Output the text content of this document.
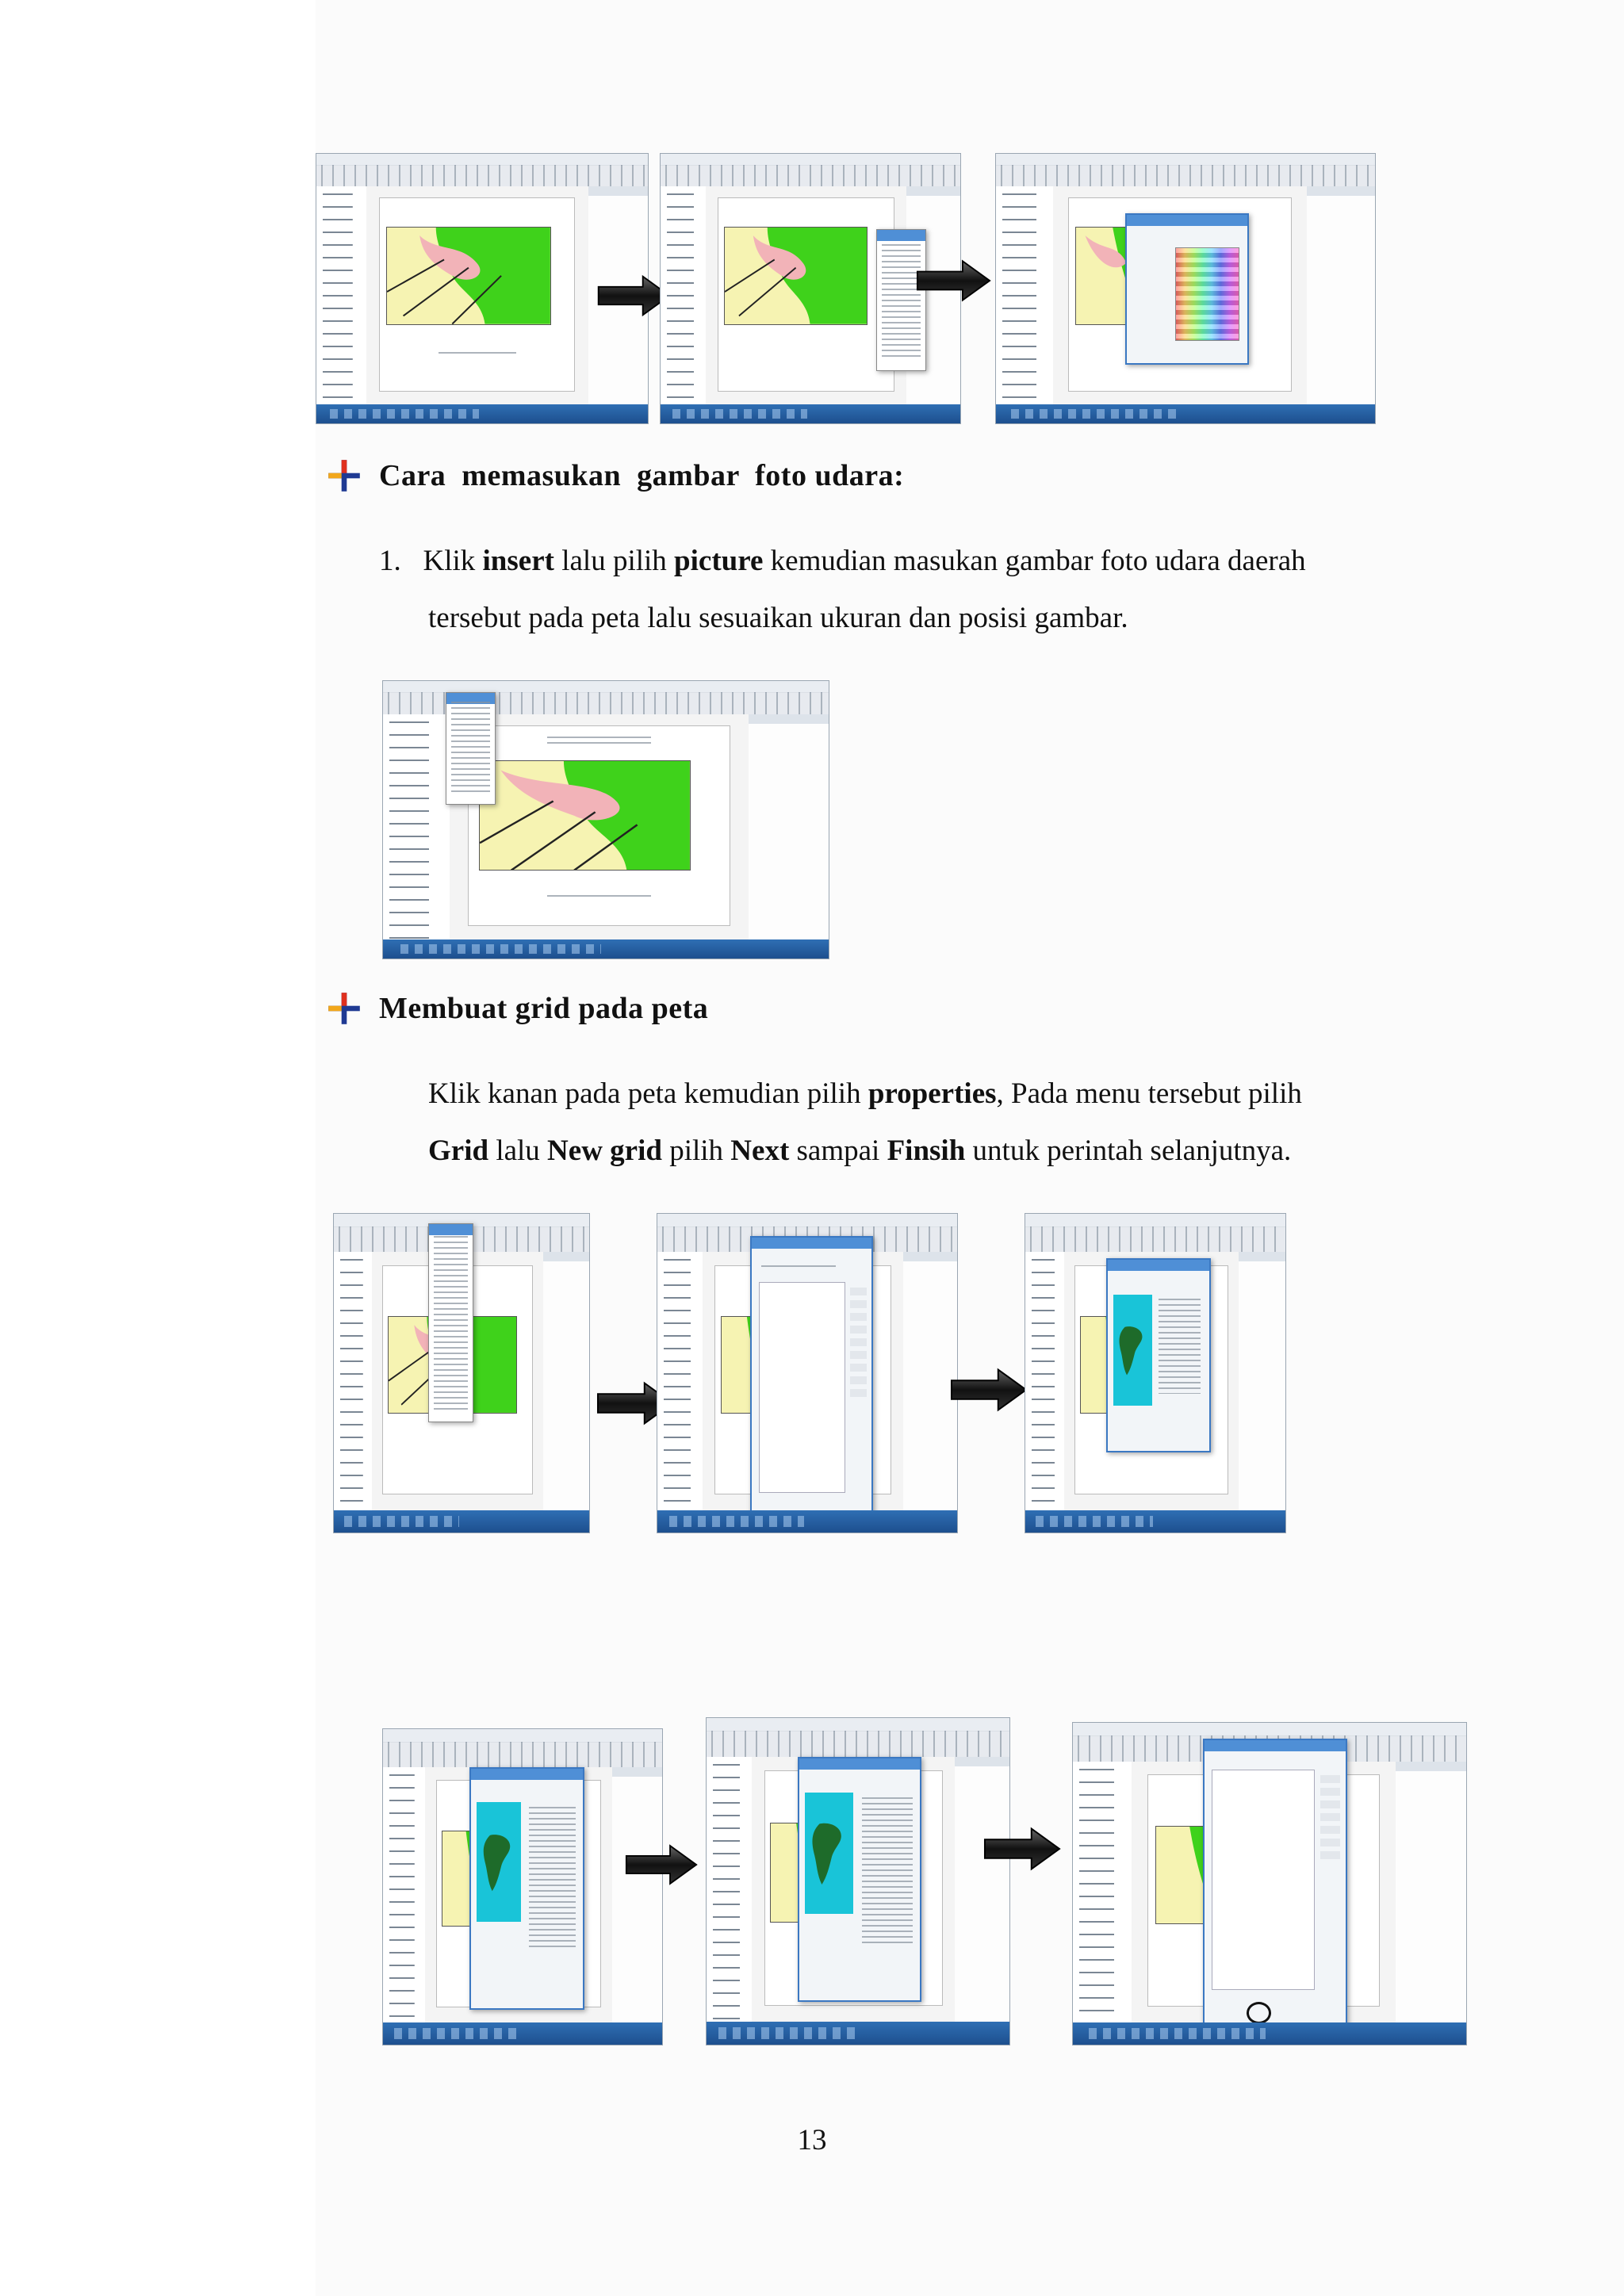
Cara  memasukan  gambar  foto udara:
1. Klik insert lalu pilih picture kemudian masukan gambar foto udara daerah
tersebut pada peta lalu sesuaikan ukuran dan posisi gambar.
Membuat grid pada peta
Klik kanan pada peta kemudian pilih properties, Pada menu tersebut pilih
Grid lalu New grid pilih Next sampai Finsih untuk perintah selanjutnya.
13
